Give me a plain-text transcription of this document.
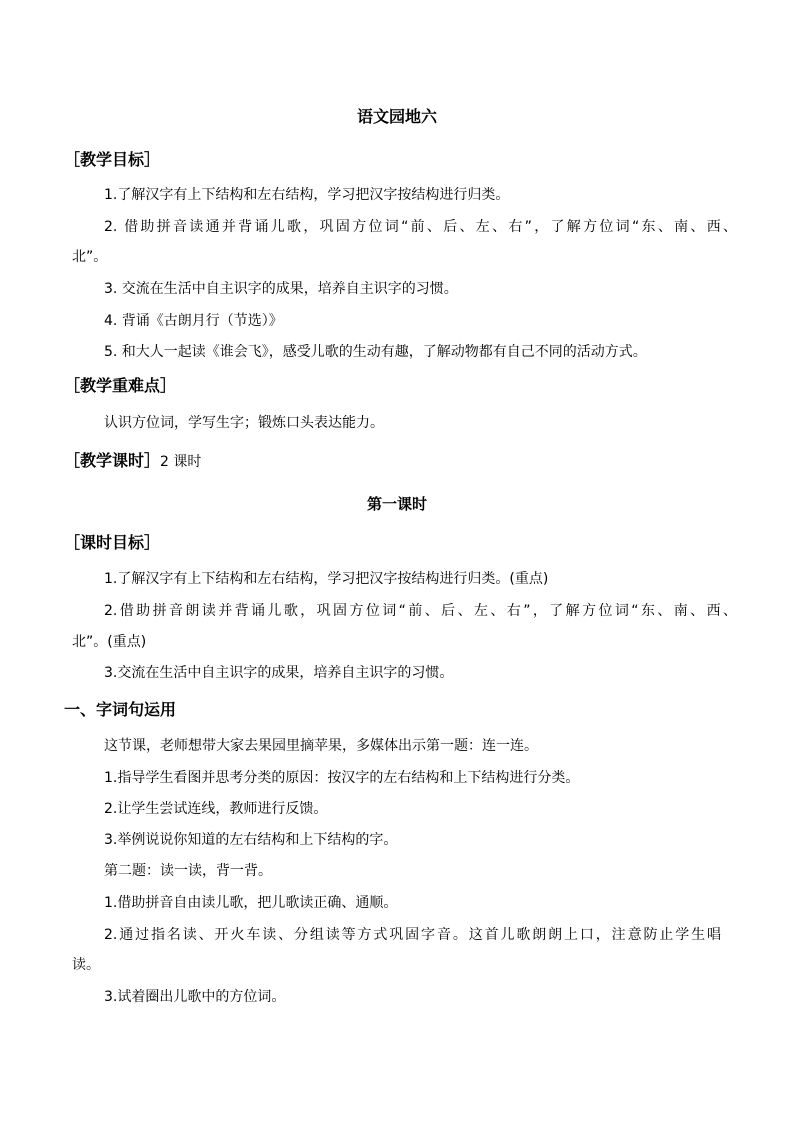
语文园地六
［教学目标］
1.了解汉字有上下结构和左右结构，学习把汉字按结构进行归类。
2. 借助拼音读通并背诵儿歌，巩固方位词“前、后、左、右”，了解方位词“东、南、西、
北”。
3. 交流在生活中自主识字的成果，培养自主识字的习惯。
4. 背诵《古朗月行（节选）》
5. 和大人一起读《谁会飞》，感受儿歌的生动有趣，了解动物都有自己不同的活动方式。
［教学重难点］
认识方位词，学写生字；锻炼口头表达能力。
［教学课时］2 课时
第一课时
［课时目标］
1.了解汉字有上下结构和左右结构，学习把汉字按结构进行归类。(重点)
2.借助拼音朗读并背诵儿歌，巩固方位词“前、后、左、右”，了解方位词“东、南、西、
北”。(重点)
3.交流在生活中自主识字的成果，培养自主识字的习惯。
一、字词句运用
这节课，老师想带大家去果园里摘苹果，多媒体出示第一题：连一连。
1.指导学生看图并思考分类的原因：按汉字的左右结构和上下结构进行分类。
2.让学生尝试连线，教师进行反馈。
3.举例说说你知道的左右结构和上下结构的字。
第二题：读一读，背一背。
1.借助拼音自由读儿歌，把儿歌读正确、通顺。
2.通过指名读、开火车读、分组读等方式巩固字音。这首儿歌朗朗上口，注意防止学生唱
读。
3.试着圈出儿歌中的方位词。
